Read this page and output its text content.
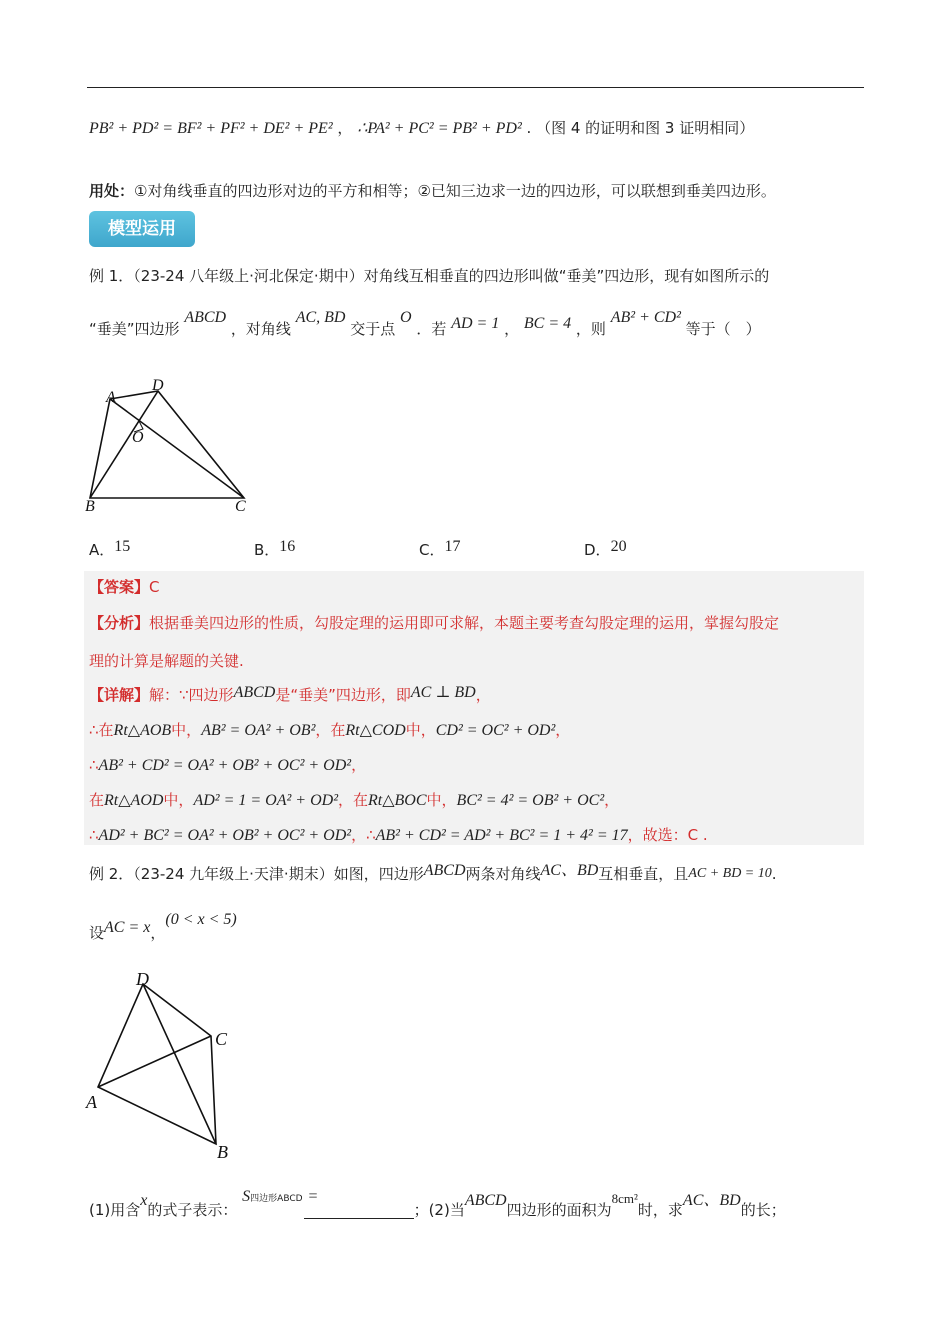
PB² + PD² = BF² + PF² + DE² + PE² ， ∴PA² + PC² = PB² + PD² . （图 4 的证明和图 3 证明相同）
用处：①对角线垂直的四边形对边的平方和相等；②已知三边求一边的四边形，可以联想到垂美四边形。
模型运用
例 1．（23-24 八年级上·河北保定·期中）对角线互相垂直的四边形叫做“垂美”四边形，现有如图所示的
“垂美”四边形 ABCD ，对角线 AC, BD 交于点 O ．若 AD = 1 ， BC = 4 ，则 AB² + CD² 等于（　）
A
D
O
B	C
A．15	B．16	C．17	D．20
【答案】C
【分析】根据垂美四边形的性质，勾股定理的运用即可求解，本题主要考查勾股定理的运用，掌握勾股定
理的计算是解题的关键.
【详解】解：∵四边形ABCD是“垂美”四边形，即AC ⊥ BD，
∴在Rt△AOB中，AB² = OA² + OB²，在Rt△COD中，CD² = OC² + OD²，
∴AB² + CD² = OA² + OB² + OC² + OD²，
在Rt△AOD中，AD² = 1 = OA² + OD²，在Rt△BOC中，BC² = 4² = OB² + OC²，
∴AD² + BC² = OA² + OB² + OC² + OD²，∴AB² + CD² = AD² + BC² = 1 + 4² = 17，故选：C .
例 2．（23-24 九年级上·天津·期末）如图，四边形ABCD两条对角线AC、BD互相垂直，且AC + BD = 10.
设AC = x，(0 < x < 5)
D
C
A
B
(1)用含x的式子表示： S四边形ABCD =；(2)当ABCD四边形的面积为8cm²时，求AC、BD的长；
